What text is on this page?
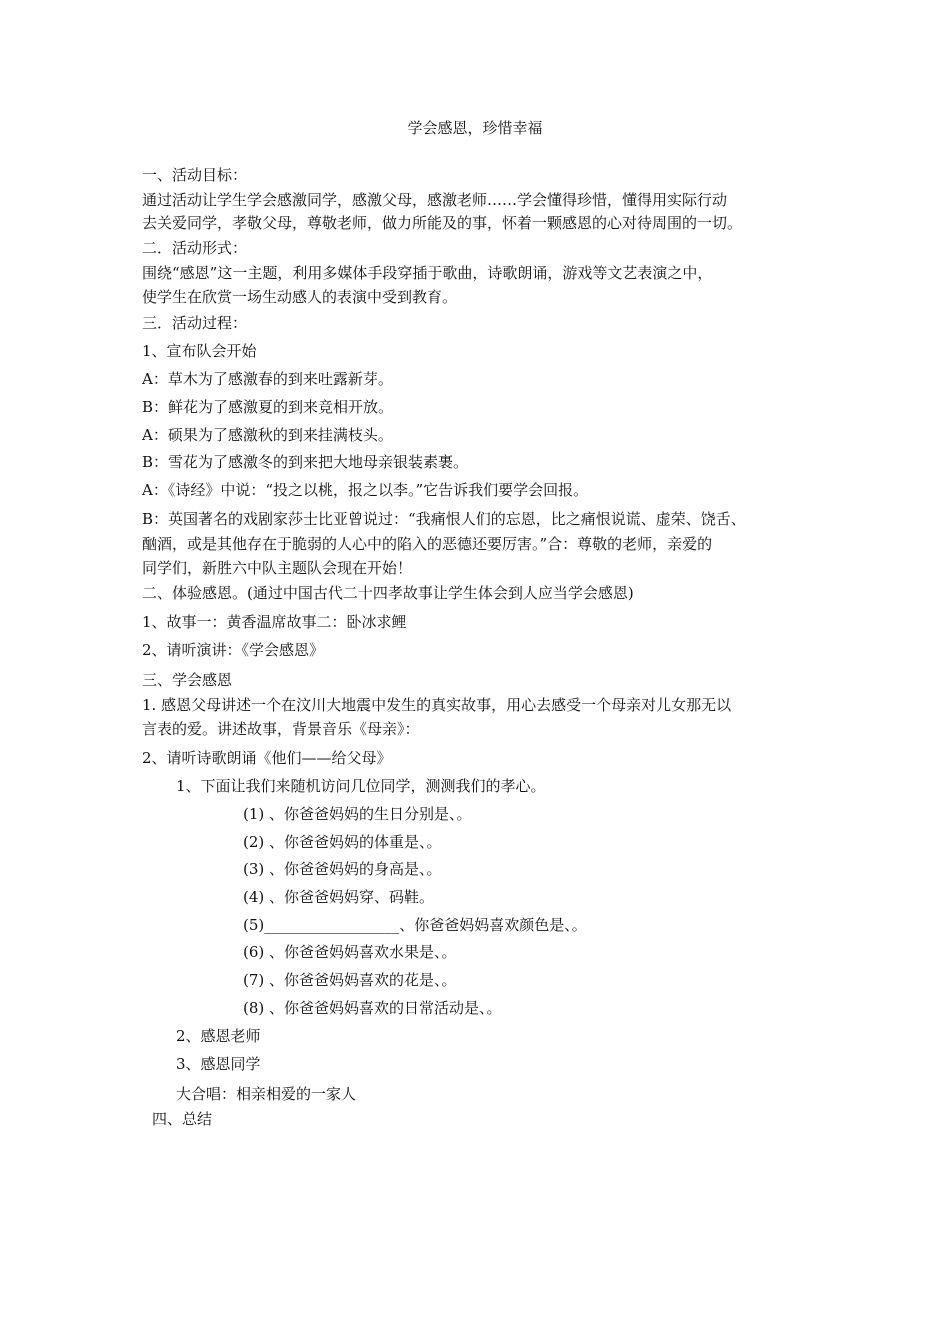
学会感恩，珍惜幸福
一、活动目标：
通过活动让学生学会感激同学，感激父母，感激老师……学会懂得珍惜，懂得用实际行动
去关爱同学，孝敬父母，尊敬老师，做力所能及的事，怀着一颗感恩的心对待周围的一切。
二．活动形式：
围绕“感恩”这一主题，利用多媒体手段穿插于歌曲，诗歌朗诵，游戏等文艺表演之中，
使学生在欣赏一场生动感人的表演中受到教育。
三．活动过程：
1、宣布队会开始
A：草木为了感激春的到来吐露新芽。
B：鲜花为了感激夏的到来竞相开放。
A：硕果为了感激秋的到来挂满枝头。
B：雪花为了感激冬的到来把大地母亲银装素裹。
A：《诗经》中说：“投之以桃，报之以李。”它告诉我们要学会回报。
B：英国著名的戏剧家莎士比亚曾说过：“我痛恨人们的忘恩，比之痛恨说谎、虚荣、饶舌、
酗酒，或是其他存在于脆弱的人心中的陷入的恶德还要厉害。”合：尊敬的老师，亲爱的
同学们，新胜六中队主题队会现在开始！
二、体验感恩。(通过中国古代二十四孝故事让学生体会到人应当学会感恩)
1、故事一：黄香温席故事二：卧冰求鲤
2、请听演讲：《学会感恩》
三、学会感恩
1. 感恩父母讲述一个在汶川大地震中发生的真实故事，用心去感受一个母亲对儿女那无以
言表的爱。讲述故事，背景音乐《母亲》：
2、请听诗歌朗诵《他们——给父母》
1、下面让我们来随机访问几位同学，测测我们的孝心。
(1) 、你爸爸妈妈的生日分别是、。
(2) 、你爸爸妈妈的体重是、。
(3) 、你爸爸妈妈的身高是、。
(4) 、你爸爸妈妈穿、码鞋。
(5)__________________、你爸爸妈妈喜欢颜色是、。
(6) 、你爸爸妈妈喜欢水果是、。
(7) 、你爸爸妈妈喜欢的花是、。
(8) 、你爸爸妈妈喜欢的日常活动是、。
2、感恩老师
3、感恩同学
大合唱：相亲相爱的一家人
四、总结
